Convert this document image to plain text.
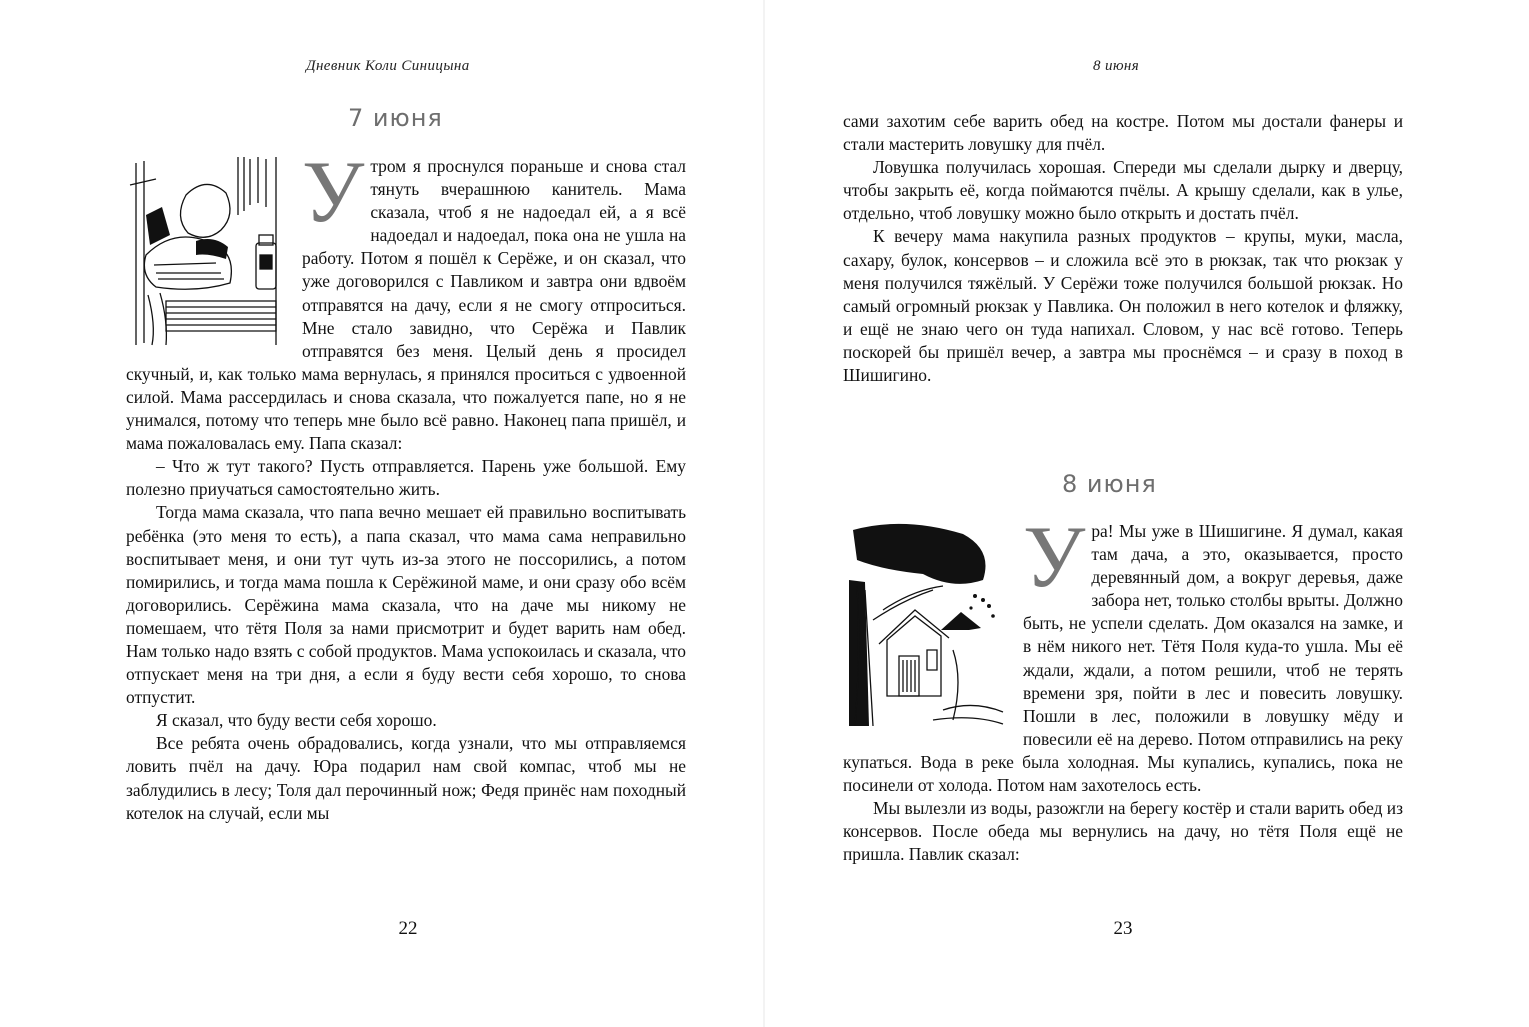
Дневник Коли Синицына
7 июня
У тром я проснулся пораньше и снова стал тянуть вчерашнюю канитель. Мама сказала, чтоб я не надоедал ей, а я всё надоедал и надоедал, пока она не ушла на работу. Потом я пошёл к Серёже, и он сказал, что уже договорился с Павликом и завтра они вдвоём отправятся на дачу, если я не смогу отпроситься. Мне стало завидно, что Серёжа и Павлик отправятся без меня. Целый день я просидел скучный, и, как только мама вернулась, я принялся проситься с удвоенной силой. Мама рассердилась и снова сказала, что пожалуется папе, но я не унимался, потому что теперь мне было всё равно. Наконец папа пришёл, и мама пожаловалась ему. Папа сказал:

– Что ж тут такого? Пусть отправляется. Парень уже большой. Ему полезно приучаться самостоятельно жить.

Тогда мама сказала, что папа вечно мешает ей правильно воспитывать ребёнка (это меня то есть), а папа сказал, что мама сама неправильно воспитывает меня, и они тут чуть из-за этого не поссорились, а потом помирились, и тогда мама пошла к Серёжиной маме, и они сразу обо всём договорились. Серёжина мама сказала, что на даче мы никому не помешаем, что тётя Поля за нами присмотрит и будет варить нам обед. Нам только надо взять с собой продуктов. Мама успокоилась и сказала, что отпускает меня на три дня, а если я буду вести себя хорошо, то снова отпустит.

Я сказал, что буду вести себя хорошо.

Все ребята очень обрадовались, когда узнали, что мы отправляемся ловить пчёл на дачу. Юра подарил нам свой компас, чтоб мы не заблудились в лесу; Толя дал перочинный нож; Федя принёс нам походный котелок на случай, если мы

22
8 июня

сами захотим себе варить обед на костре. Потом мы достали фанеры и стали мастерить ловушку для пчёл.

Ловушка получилась хорошая. Спереди мы сделали дырку и дверцу, чтобы закрыть её, когда поймаются пчёлы. А крышу сделали, как в улье, отдельно, чтоб ловушку можно было открыть и достать пчёл.

К вечеру мама накупила разных продуктов – крупы, муки, масла, сахару, булок, консервов – и сложила всё это в рюкзак, так что рюкзак у меня получился тяжёлый. У Серёжи тоже получился большой рюкзак. Но самый огромный рюкзак у Павлика. Он положил в него котелок и фляжку, и ещё не знаю чего он туда напихал. Словом, у нас всё готово. Теперь поскорей бы пришёл вечер, а завтра мы проснёмся – и сразу в поход в Шишигино.

8 июня
У ра! Мы уже в Шишигине. Я думал, какая там дача, а это, оказывается, просто деревянный дом, а вокруг деревья, даже забора нет, только столбы врыты. Должно быть, не успели сделать. Дом оказался на замке, и в нём никого нет. Тётя Поля куда-то ушла. Мы её ждали, ждали, а потом решили, чтоб не терять времени зря, пойти в лес и повесить ловушку. Пошли в лес, положили в ловушку мёду и повесили её на дерево. Потом отправились на реку купаться. Вода в реке была холодная. Мы купались, купались, пока не посинели от холода. Потом нам захотелось есть.

Мы вылезли из воды, разожгли на берегу костёр и стали варить обед из консервов. После обеда мы вернулись на дачу, но тётя Поля ещё не пришла. Павлик сказал:

23
